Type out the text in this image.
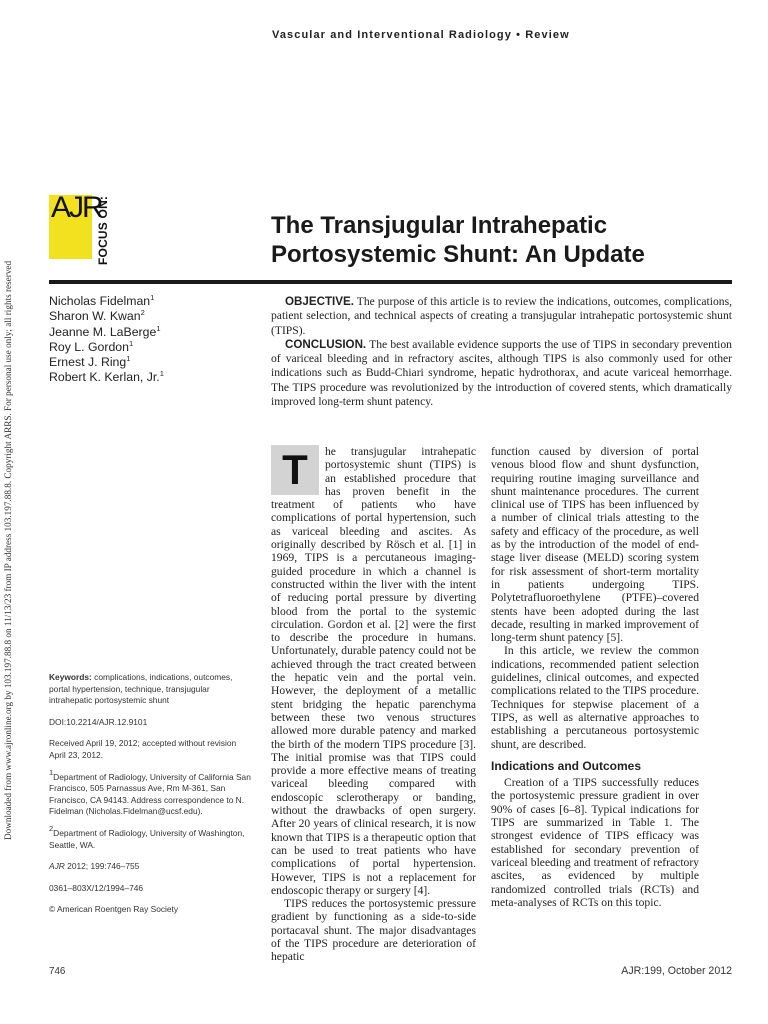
Vascular and Interventional Radiology • Review
Downloaded from www.ajronline.org by 103.197.88.8 on 11/13/23 from IP address 103.197.88.8. Copyright ARRS. For personal use only; all rights reserved
AJR
FOCUS ON:	The Transjugular Intrahepatic Portosystemic Shunt: An Update
Nicholas Fidelman$^1$
Sharon W. Kwan$^2$
Jeanne M. LaBerge$^1$
Roy L. Gordon$^1$
Ernest J. Ring$^1$
Robert K. Kerlan, Jr.$^1$

OBJECTIVE. The purpose of this article is to review the indications, outcomes, complications, patient selection, and technical aspects of creating a transjugular intrahepatic portosystemic shunt (TIPS).

CONCLUSION. The best available evidence supports the use of TIPS in secondary prevention of variceal bleeding and in refractory ascites, although TIPS is also commonly used for other indications such as Budd-Chiari syndrome, hepatic hydrothorax, and acute variceal hemorrhage. The TIPS procedure was revolutionized by the introduction of covered stents, which dramatically improved long-term shunt patency.

T	he transjugular intrahepatic portosystemic shunt (TIPS) is an established procedure that has proven benefit in the treatment of patients who have complications of portal hypertension, such as variceal bleeding and ascites. As originally described by Rösch et al. [1] in 1969, TIPS is a percutaneous imaging-guided procedure in which a channel is constructed within the liver with the intent of reducing portal pressure by diverting blood from the portal to the systemic circulation. Gordon et al. [2] were the first to describe the procedure in humans. Unfortunately, durable patency could not be achieved through the tract created between the hepatic vein and the portal vein. However, the deployment of a metallic stent bridging the hepatic parenchyma between these two venous structures allowed more durable patency and marked the birth of the modern TIPS procedure [3]. The initial promise was that TIPS could provide a more effective means of treating variceal bleeding compared with endoscopic sclerotherapy or banding, without the drawbacks of open surgery. After 20 years of clinical research, it is now known that TIPS is a therapeutic option that can be used to treat patients who have complications of portal hypertension. However, TIPS is not a replacement for endoscopic therapy or surgery [4].

TIPS reduces the portosystemic pressure gradient by functioning as a side-to-side portacaval shunt. The major disadvantages of the TIPS procedure are deterioration of hepatic

function caused by diversion of portal venous blood flow and shunt dysfunction, requiring routine imaging surveillance and shunt maintenance procedures. The current clinical use of TIPS has been influenced by a number of clinical trials attesting to the safety and efficacy of the procedure, as well as by the introduction of the model of end-stage liver disease (MELD) scoring system for risk assessment of short-term mortality in patients undergoing TIPS. Polytetrafluoroethylene (PTFE)–covered stents have been adopted during the last decade, resulting in marked improvement of long-term shunt patency [5].

In this article, we review the common indications, recommended patient selection guidelines, clinical outcomes, and expected complications related to the TIPS procedure. Techniques for stepwise placement of a TIPS, as well as alternative approaches to establishing a percutaneous portosystemic shunt, are described.

Indications and Outcomes

Creation of a TIPS successfully reduces the portosystemic pressure gradient in over 90% of cases [6–8]. Typical indications for TIPS are summarized in Table 1. The strongest evidence of TIPS efficacy was established for secondary prevention of variceal bleeding and treatment of refractory ascites, as evidenced by multiple randomized controlled trials (RCTs) and meta-analyses of RCTs on this topic.

Keywords: complications, indications, outcomes, portal hypertension, technique, transjugular intrahepatic portosystemic shunt

DOI:10.2214/AJR.12.9101

Received April 19, 2012; accepted without revision April 23, 2012.

$^1$Department of Radiology, University of California San Francisco, 505 Parnassus Ave, Rm M-361, San Francisco, CA 94143. Address correspondence to N. Fidelman (Nicholas.Fidelman@ucsf.edu).

$^2$Department of Radiology, University of Washington, Seattle, WA.

AJR 2012; 199:746–755

0361–803X/12/1994–746

© American Roentgen Ray Society

746	AJR:199, October 2012
